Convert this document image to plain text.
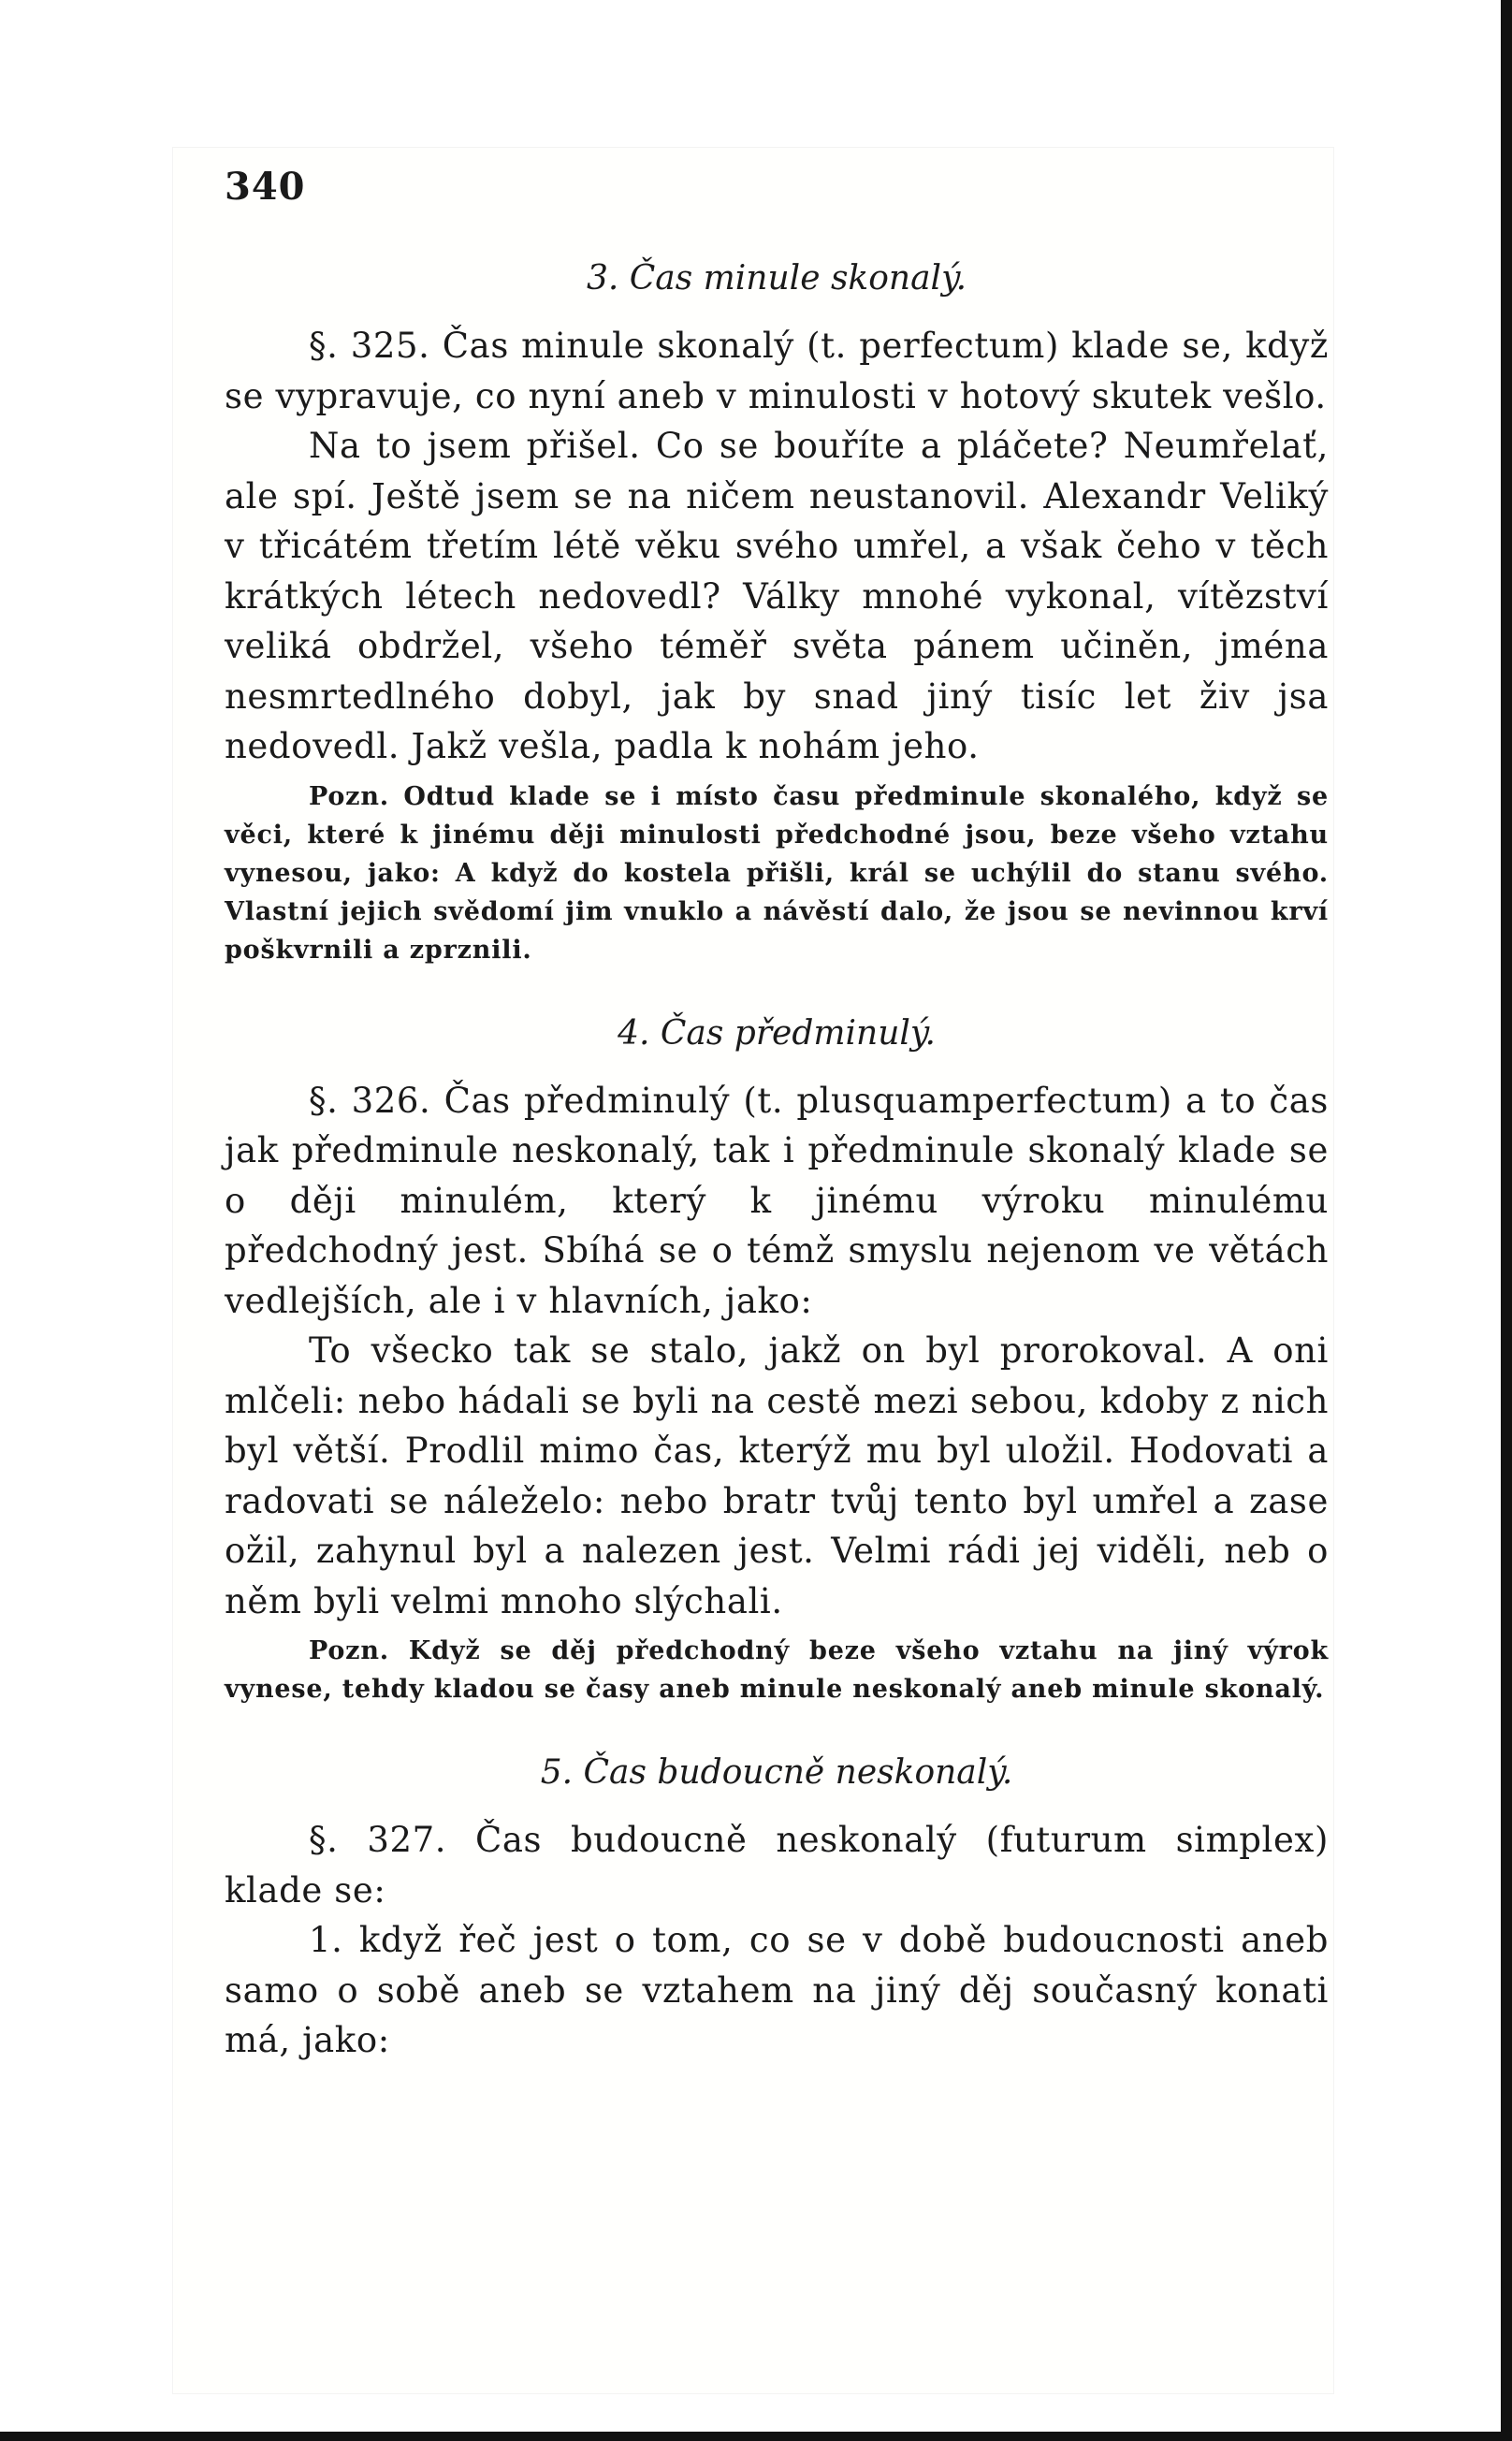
340
3. Čas minule skonalý.

§. 325. Čas minule skonalý (t. perfectum) klade se, když se vypravuje, co nyní aneb v minulosti v hotový skutek vešlo.

Na to jsem přišel. Co se bouříte a pláčete? Neumřelať, ale spí. Ještě jsem se na ničem neustanovil. Alexandr Veliký v třicátém třetím létě věku svého umřel, a však čeho v těch krátkých létech nedovedl? Války mnohé vykonal, vítězství veliká obdržel, všeho téměř světa pánem učiněn, jména nesmrtedlného dobyl, jak by snad jiný tisíc let živ jsa nedovedl. Jakž vešla, padla k nohám jeho.

Pozn. Odtud klade se i místo času předminule skonalého, když se věci, které k jinému ději minulosti předchodné jsou, beze všeho vztahu vynesou, jako: A když do kostela přišli, král se uchýlil do stanu svého. Vlastní jejich svědomí jim vnuklo a návěstí dalo, že jsou se nevinnou krví poškvrnili a zprznili.

4. Čas předminulý.

§. 326. Čas předminulý (t. plusquamperfectum) a to čas jak předminule neskonalý, tak i předminule skonalý klade se o ději minulém, který k jinému výroku minulému předchodný jest. Sbíhá se o témž smyslu nejenom ve větách vedlejších, ale i v hlavních, jako:

To všecko tak se stalo, jakž on byl prorokoval. A oni mlčeli: nebo hádali se byli na cestě mezi sebou, kdoby z nich byl větší. Prodlil mimo čas, kterýž mu byl uložil. Hodovati a radovati se náleželo: nebo bratr tvůj tento byl umřel a zase ožil, zahynul byl a nalezen jest. Velmi rádi jej viděli, neb o něm byli velmi mnoho slýchali.

Pozn. Když se děj předchodný beze všeho vztahu na jiný výrok vynese, tehdy kladou se časy aneb minule neskonalý aneb minule skonalý.

5. Čas budoucně neskonalý.

§. 327. Čas budoucně neskonalý (futurum simplex) klade se:

1. když řeč jest o tom, co se v době budoucnosti aneb samo o sobě aneb se vztahem na jiný děj současný konati má, jako:
